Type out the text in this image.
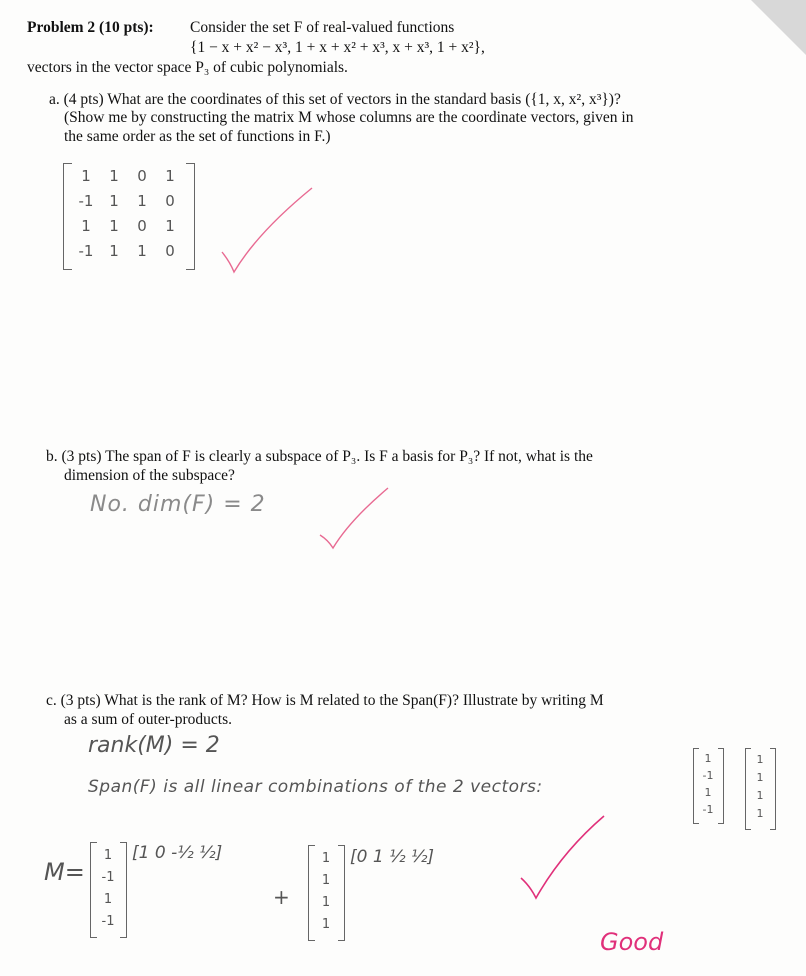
Problem 2 (10 pts): Consider the set F of real-valued functions
{1 − x + x² − x³, 1 + x + x² + x³, x + x³, 1 + x²},
vectors in the vector space P₃ of cubic polynomials.
a. (4 pts) What are the coordinates of this set of vectors in the standard basis ({1, x, x², x³})?
(Show me by constructing the matrix M whose columns are the coordinate vectors, given in
the same order as the set of functions in F.)
1	1	0	1
-1	1	1	0
1	1	0	1
-1	1	1	0
b. (3 pts) The span of F is clearly a subspace of P₃. Is F a basis for P₃? If not, what is the
dimension of the subspace?
No. dim(F) = 2
c. (3 pts) What is the rank of M? How is M related to the Span(F)? Illustrate by writing M
as a sum of outer-products.
rank(M) = 2
Span(F) is all linear combinations of the 2 vectors:
1
-1
1
-1
1
1
1
1
M=
1
-1
1
-1
[1 0 -½ ½]
+
1
1
1
1
[0 1 ½ ½]
Good
